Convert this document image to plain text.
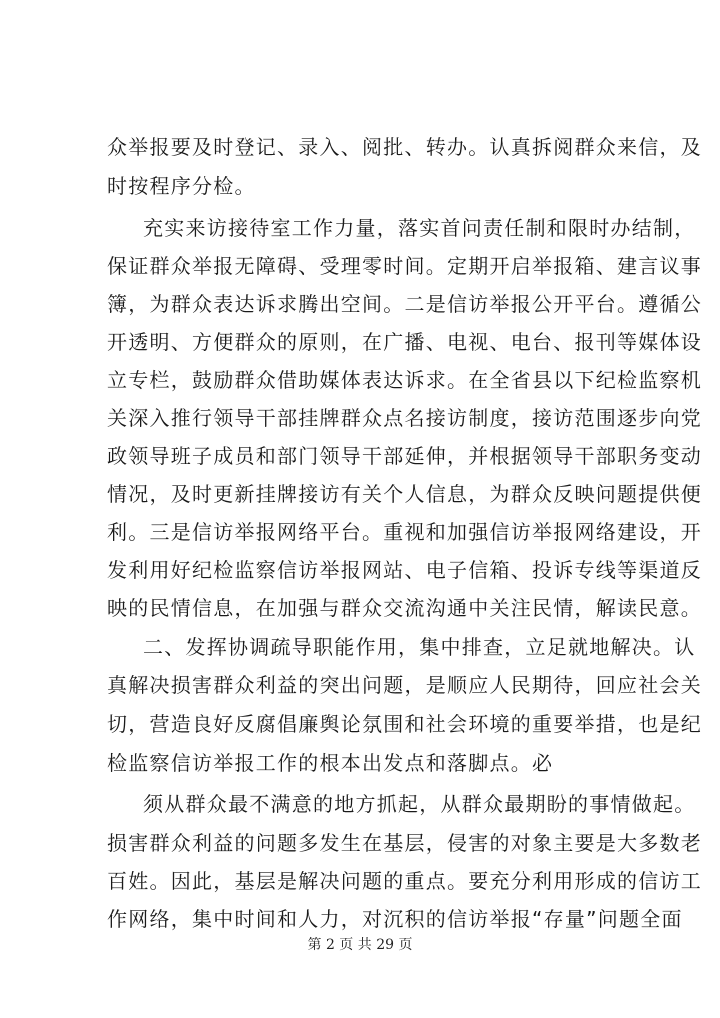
众举报要及时登记、录入、阅批、转办。认真拆阅群众来信，及
时按程序分检。
充实来访接待室工作力量，落实首问责任制和限时办结制，
保证群众举报无障碍、受理零时间。定期开启举报箱、建言议事
簿，为群众表达诉求腾出空间。二是信访举报公开平台。遵循公
开透明、方便群众的原则，在广播、电视、电台、报刊等媒体设
立专栏，鼓励群众借助媒体表达诉求。在全省县以下纪检监察机
关深入推行领导干部挂牌群众点名接访制度，接访范围逐步向党
政领导班子成员和部门领导干部延伸，并根据领导干部职务变动
情况，及时更新挂牌接访有关个人信息，为群众反映问题提供便
利。三是信访举报网络平台。重视和加强信访举报网络建设，开
发利用好纪检监察信访举报网站、电子信箱、投诉专线等渠道反
映的民情信息，在加强与群众交流沟通中关注民情，解读民意。
二、发挥协调疏导职能作用，集中排查，立足就地解决。认
真解决损害群众利益的突出问题，是顺应人民期待，回应社会关
切，营造良好反腐倡廉舆论氛围和社会环境的重要举措，也是纪
检监察信访举报工作的根本出发点和落脚点。必
须从群众最不满意的地方抓起，从群众最期盼的事情做起。
损害群众利益的问题多发生在基层，侵害的对象主要是大多数老
百姓。因此，基层是解决问题的重点。要充分利用形成的信访工
作网络，集中时间和人力，对沉积的信访举报“存量”问题全面
第 2 页 共 29 页
